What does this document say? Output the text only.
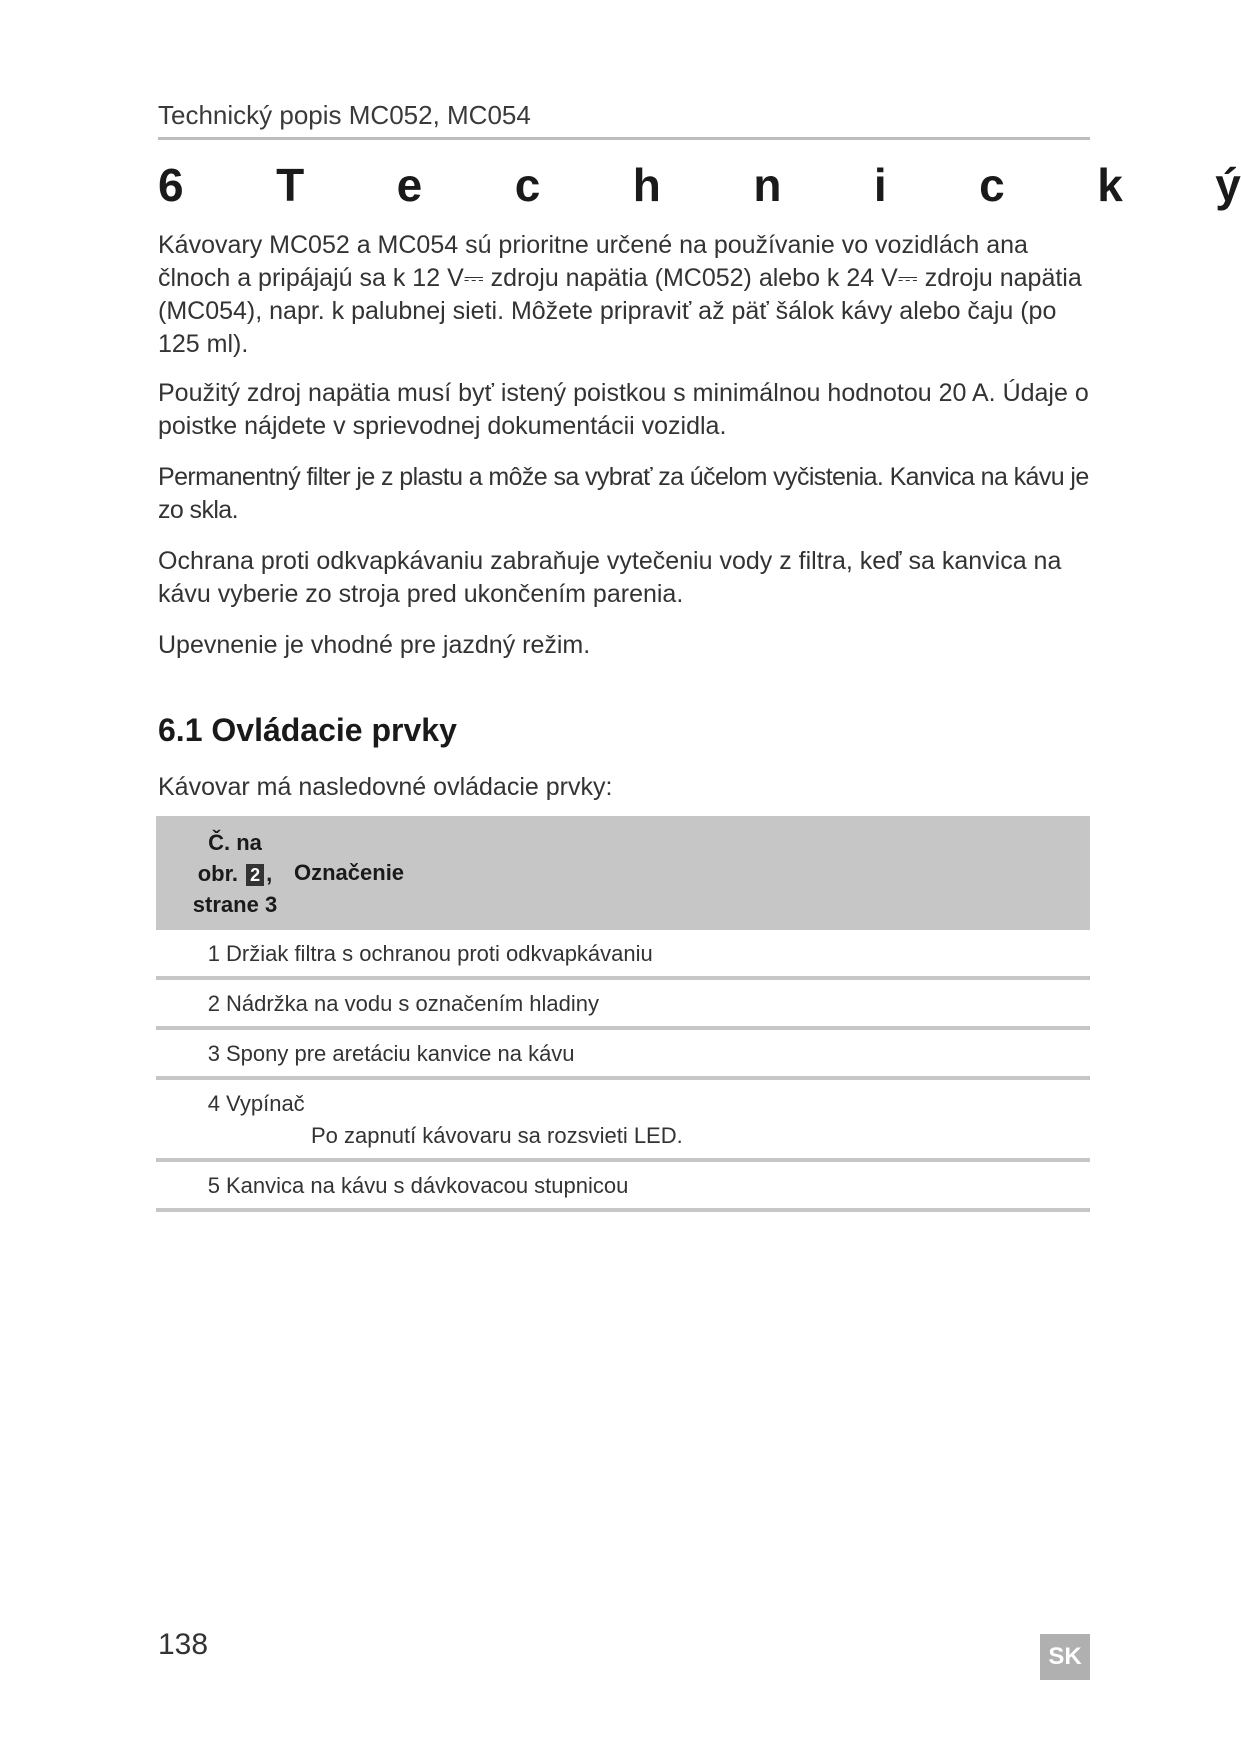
Technický popis MC052, MC054
6 T e c h n i c k ý

Kávovary MC052 a MC054 sú prioritne určené na používanie vo vozidlách ana člnoch a pripájajú sa k 12 V⎓ zdroju napätia (MC052) alebo k 24 V⎓ zdroju napätia (MC054), napr. k palubnej sieti. Môžete pripraviť až päť šálok kávy alebo čaju (po 125 ml).

Použitý zdroj napätia musí byť istený poistkou s minimálnou hodnotou 20 A. Údaje o poistke nájdete v sprievodnej dokumentácii vozidla.

Permanentný filter je z plastu a môže sa vybrať za účelom vyčistenia. Kanvica na kávu je zo skla.

Ochrana proti odkvapkávaniu zabraňuje vytečeniu vody z filtra, keď sa kanvica na kávu vyberie zo stroja pred ukončením parenia.

Upevnenie je vhodné pre jazdný režim.

6.1 Ovládacie prvky
Kávovar má nasledovné ovládacie prvky:
Č. na
obr. 2 ,
strane 3
Označenie
1 Držiak filtra s ochranou proti odkvapkávaniu
2 Nádržka na vodu s označením hladiny
3 Spony pre aretáciu kanvice na kávu
4 Vypínač
Po zapnutí kávovaru sa rozsvieti LED.
5 Kanvica na kávu s dávkovacou stupnicou
138	SK
